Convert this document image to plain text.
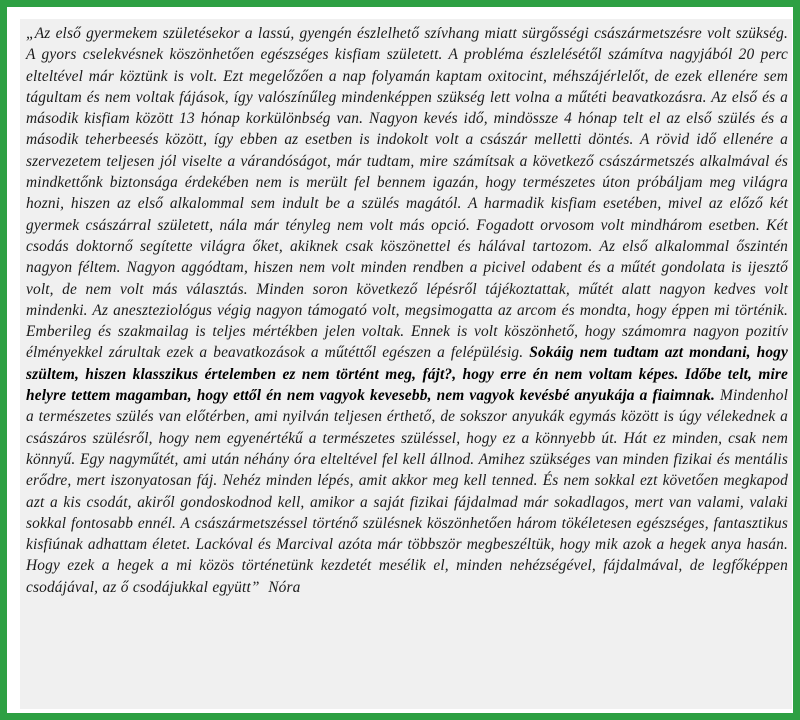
„Az első gyermekem születésekor a lassú, gyengén észlelhető szívhang miatt sürgősségi császármetszésre volt szükség. A gyors cselekvésnek köszönhetően egészséges kisfiam született. A probléma észlelésétől számítva nagyjából 20 perc elteltével már köztünk is volt. Ezt megelőzően a nap folyamán kaptam oxitocint, méhszájérlelőt, de ezek ellenére sem tágultam és nem voltak fájások, így valószínűleg mindenképpen szükség lett volna a műtéti beavatkozásra. Az első és a második kisfiam között 13 hónap korkülönbség van. Nagyon kevés idő, mindössze 4 hónap telt el az első szülés és a második teherbeesés között, így ebben az esetben is indokolt volt a császár melletti döntés. A rövid idő ellenére a szervezetem teljesen jól viselte a várandóságot, már tudtam, mire számítsak a következő császármetszés alkalmával és mindkettőnk biztonsága érdekében nem is merült fel bennem igazán, hogy természetes úton próbáljam meg világra hozni, hiszen az első alkalommal sem indult be a szülés magától. A harmadik kisfiam esetében, mivel az előző két gyermek császárral született, nála már tényleg nem volt más opció. Fogadott orvosom volt mindhárom esetben. Két csodás doktornő segítette világra őket, akiknek csak köszönettel és hálával tartozom. Az első alkalommal őszintén nagyon féltem. Nagyon aggódtam, hiszen nem volt minden rendben a picivel odabent és a műtét gondolata is ijesztő volt, de nem volt más választás. Minden soron következő lépésről tájékoztattak, műtét alatt nagyon kedves volt mindenki. Az aneszteziológus végig nagyon támogató volt, megsimogatta az arcom és mondta, hogy éppen mi történik. Emberileg és szakmailag is teljes mértékben jelen voltak. Ennek is volt köszönhető, hogy számomra nagyon pozitív élményekkel zárultak ezek a beavatkozások a műtéttől egészen a felépülésig. Sokáig nem tudtam azt mondani, hogy szültem, hiszen klasszikus értelemben ez nem történt meg, fájt?, hogy erre én nem voltam képes. Időbe telt, mire helyre tettem magamban, hogy ettől én nem vagyok kevesebb, nem vagyok kevésbé anyukája a fiaimnak. Mindenhol a természetes szülés van előtérben, ami nyilván teljesen érthető, de sokszor anyukák egymás között is úgy vélekednek a császáros szülésről, hogy nem egyenértékű a természetes szüléssel, hogy ez a könnyebb út. Hát ez minden, csak nem könnyű. Egy nagyműtét, ami után néhány óra elteltével fel kell állnod. Amihez szükséges van minden fizikai és mentális erődre, mert iszonyatosan fáj. Nehéz minden lépés, amit akkor meg kell tenned. És nem sokkal ezt követően megkapod azt a kis csodát, akiről gondoskodnod kell, amikor a saját fizikai fájdalmad már sokadlagos, mert van valami, valaki sokkal fontosabb ennél. A császármetszéssel történő szülésnek köszönhetően három tökéletesen egészséges, fantasztikus kisfiúnak adhattam életet. Lackóval és Marcival azóta már többször megbeszéltük, hogy mik azok a hegek anya hasán. Hogy ezek a hegek a mi közös történetünk kezdetét mesélik el, minden nehézségével, fájdalmával, de legfőképpen csodájával, az ő csodájukkal együtt” Nóra
